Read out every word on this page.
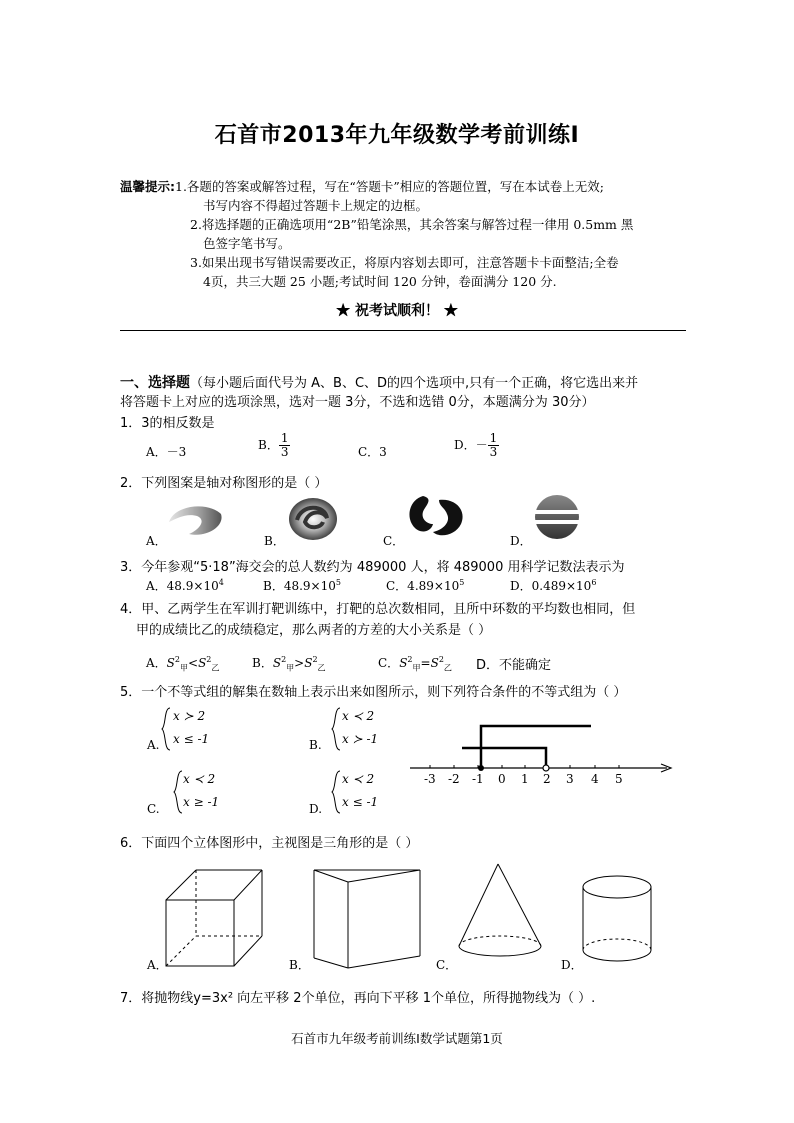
石首市2013年九年级数学考前训练Ⅰ
温馨提示:1.各题的答案或解答过程，写在“答题卡”相应的答题位置，写在本试卷上无效;
书写内容不得超过答题卡上规定的边框。
2.将选择题的正确选项用“2B”铅笔涂黑，其余答案与解答过程一律用 0.5mm 黑
色签字笔书写。
3.如果出现书写错误需要改正，将原内容划去即可，注意答题卡卡面整洁;全卷
4页，共三大题 25 小题;考试时间 120 分钟，卷面满分 120 分.
★ 祝考试顺利！ ★
一、选择题（每小题后面代号为 A、B、C、D的四个选项中,只有一个正确，将它选出来并
将答题卡上对应的选项涂黑，选对一题 3分，不选和选错 0分，本题满分为 30分）
1．3的相反数是
A．－3	B． $\frac{1}{3}$	C．3	D．－ $\frac{1}{3}$
2．下列图案是轴对称图形的是（ ）
A．	B．	C．	D．
3．今年参观“5·18”海交会的总人数约为 489000 人，将 489000 用科学记数法表示为
A．$48.9\times 10^4$	B．$48.9\times 10^5$	C．$4.89\times 10^5$	D．$0.489\times 10^6$
4．甲、乙两学生在军训打靶训练中，打靶的总次数相同，且所中环数的平均数也相同，但
甲的成绩比乙的成绩稳定，那么两者的方差的大小关系是（ ）
A．$S^2_甲<S^2_乙$	B．$S^2_甲>S^2_乙$	C．$S^2_甲=S^2_乙$ D．不能确定
5．一个不等式组的解集在数轴上表示出来如图所示，则下列符合条件的不等式组为（ ）
x ≻ 2
x ≤ -1
A.
x ≺ 2
x ≻ -1
B.
x ≺ 2
x ≥ -1
C.
x ≺ 2
x ≤ -1
D.
-3 -2 -1 0 1 2 3 4 5
6．下面四个立体图形中，主视图是三角形的是（ ）
A．	B．	C．	D．
7．将抛物线y=3x² 向左平移 2个单位，再向下平移 1个单位，所得抛物线为（ ）.
石首市九年级考前训练Ⅰ数学试题第1页
